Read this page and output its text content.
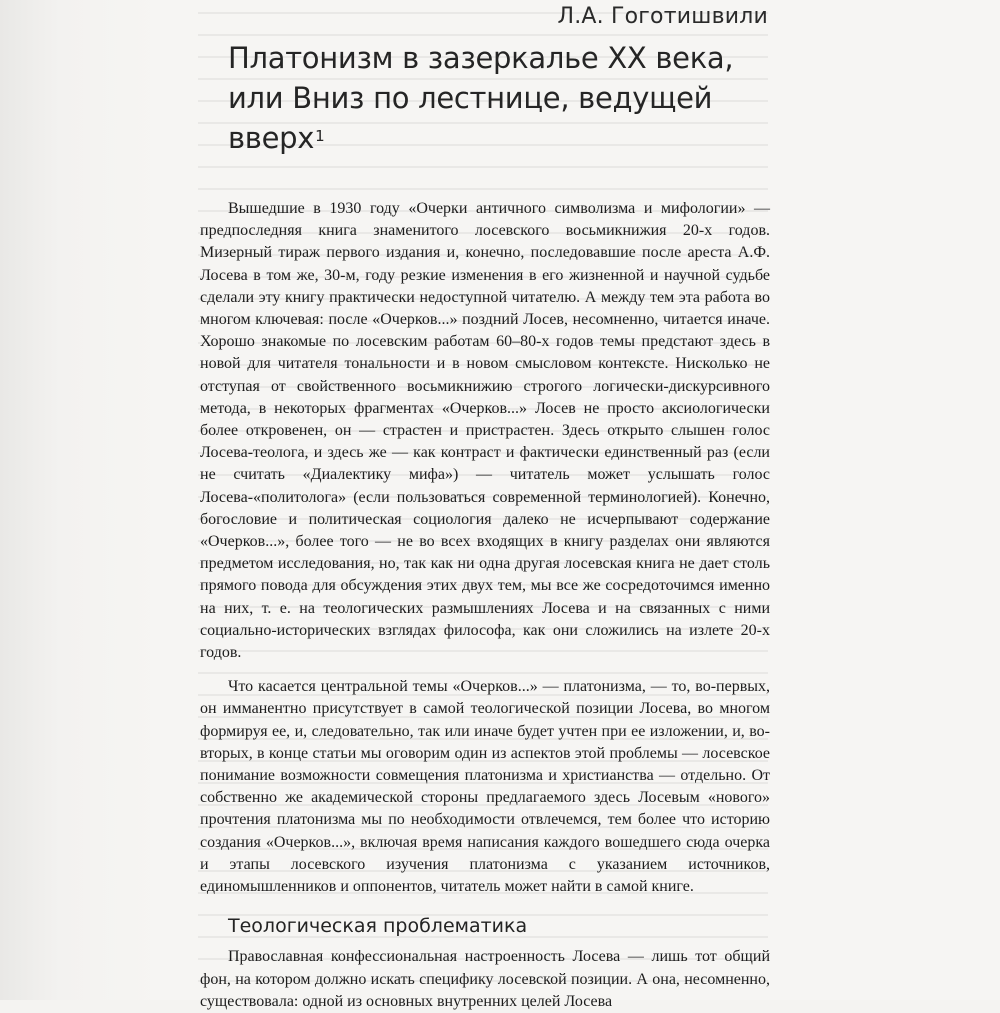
Л.А. Гоготишвили
Платонизм в зазеркалье XX века, или Вниз по лестнице, ведущей вверх$^1$

Вышедшие в 1930 году «Очерки античного символизма и мифологии» — предпоследняя книга знаменитого лосевского восьмикнижия 20-х годов. Мизерный тираж первого издания и, конечно, последовавшие после ареста А.Ф. Лосева в том же, 30-м, году резкие изменения в его жизненной и научной судьбе сделали эту книгу практически недоступной читателю. А между тем эта работа во многом ключевая: после «Очерков...» поздний Лосев, несомненно, читается иначе. Хорошо знакомые по лосевским работам 60–80-х годов темы предстают здесь в новой для читателя тональности и в новом смысловом контексте. Нисколько не отступая от свойственного восьмикнижию строгого логически-дискурсивного метода, в некоторых фрагментах «Очерков...» Лосев не просто аксиологически более откровенен, он — страстен и пристрастен. Здесь открыто слышен голос Лосева-теолога, и здесь же — как контраст и фактически единственный раз (если не считать «Диалектику мифа») — читатель может услышать голос Лосева-«политолога» (если пользоваться современной терминологией). Конечно, богословие и политическая социология далеко не исчерпывают содержание «Очерков...», более того — не во всех входящих в книгу разделах они являются предметом исследования, но, так как ни одна другая лосевская книга не дает столь прямого повода для обсуждения этих двух тем, мы все же сосредоточимся именно на них, т. е. на теологических размышлениях Лосева и на связанных с ними социально-исторических взглядах философа, как они сложились на излете 20-х годов.

Что касается центральной темы «Очерков...» — платонизма, — то, во-первых, он имманентно присутствует в самой теологической позиции Лосева, во многом формируя ее, и, следовательно, так или иначе будет учтен при ее изложении, и, во-вторых, в конце статьи мы оговорим один из аспектов этой проблемы — лосевское понимание возможности совмещения платонизма и христианства — отдельно. От собственно же академической стороны предлагаемого здесь Лосевым «нового» прочтения платонизма мы по необходимости отвлечемся, тем более что историю создания «Очерков...», включая время написания каждого вошедшего сюда очерка и этапы лосевского изучения платонизма с указанием источников, единомышленников и оппонентов, читатель может найти в самой книге.

Теологическая проблематика

Православная конфессиональная настроенность Лосева — лишь тот общий фон, на котором должно искать специфику лосевской позиции. А она, несомненно, существовала: одной из основных внутренних целей Лосева
